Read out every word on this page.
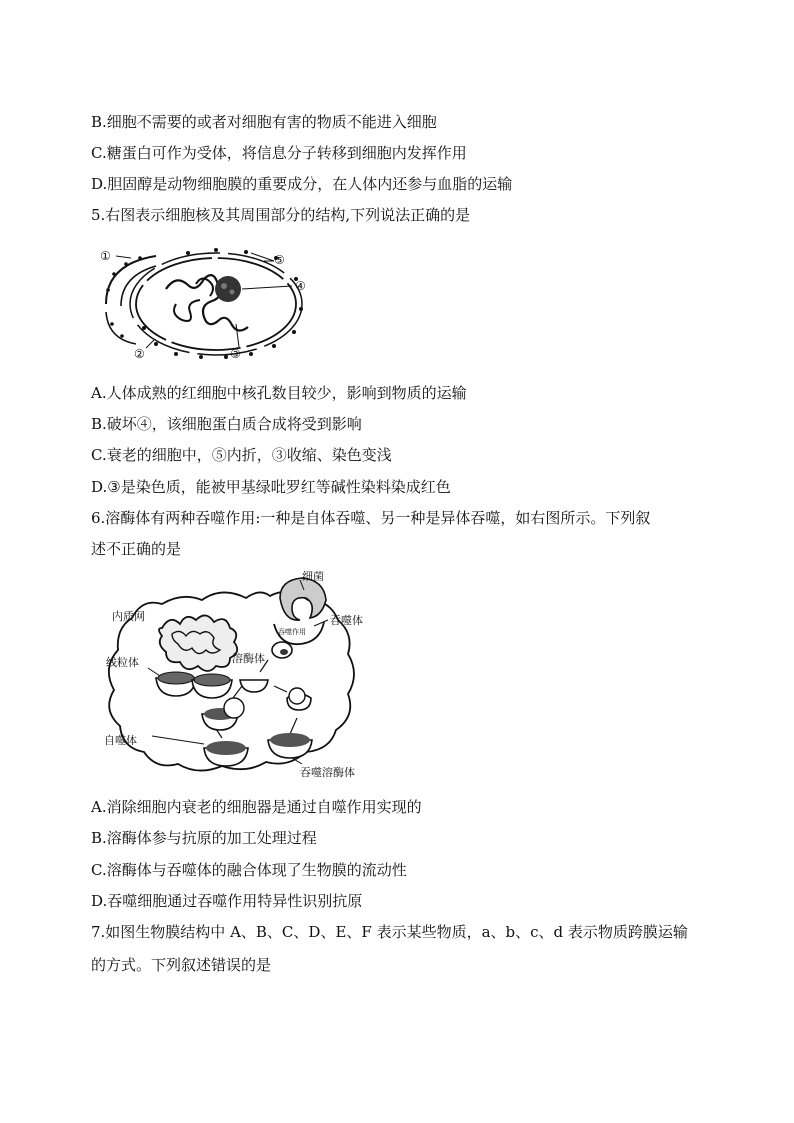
B.细胞不需要的或者对细胞有害的物质不能进入细胞
C.糖蛋白可作为受体，将信息分子转移到细胞内发挥作用
D.胆固醇是动物细胞膜的重要成分，在人体内还参与血脂的运输
5.右图表示细胞核及其周围部分的结构,下列说法正确的是
①
②	③
④
⑤
A.人体成熟的红细胞中核孔数目较少，影响到物质的运输
B.破坏④，该细胞蛋白质合成将受到影响
C.衰老的细胞中，⑤内折，③收缩、染色变浅
D.③是染色质，能被甲基绿吡罗红等碱性染料染成红色
6.溶酶体有两种吞噬作用:一种是自体吞噬、另一种是异体吞噬，如右图所示。下列叙
述不正确的是
细菌
内质网	吞噬体
吞噬作用
线粒体	溶酶体
自噬体
吞噬溶酶体
A.消除细胞内衰老的细胞器是通过自噬作用实现的
B.溶酶体参与抗原的加工处理过程
C.溶酶体与吞噬体的融合体现了生物膜的流动性
D.吞噬细胞通过吞噬作用特异性识别抗原
7.如图生物膜结构中 A、B、C、D、E、F 表示某些物质，a、b、c、d 表示物质跨膜运输
的方式。下列叙述错误的是
